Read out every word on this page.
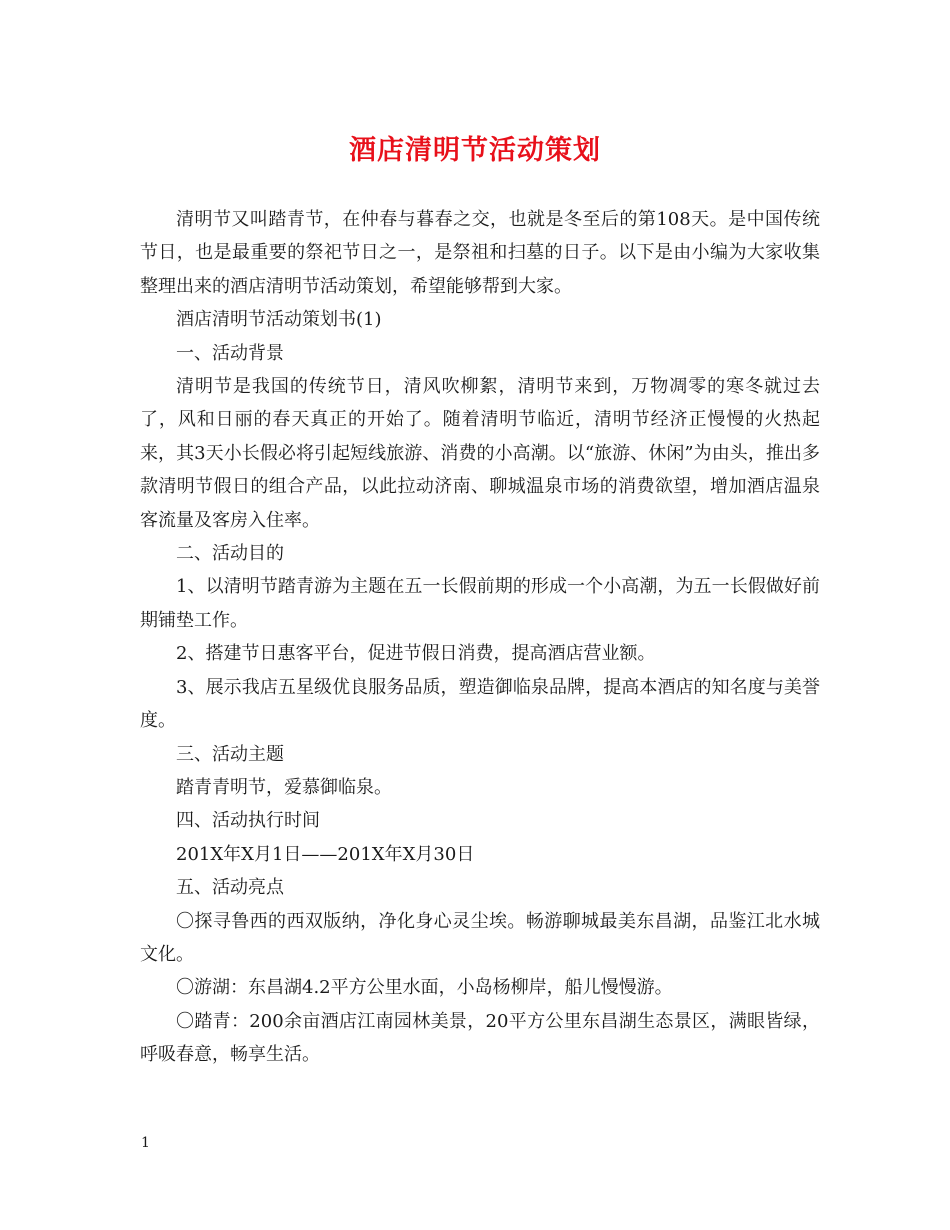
酒店清明节活动策划

清明节又叫踏青节，在仲春与暮春之交，也就是冬至后的第108天。是中国传统节日，也是最重要的祭祀节日之一，是祭祖和扫墓的日子。以下是由小编为大家收集整理出来的酒店清明节活动策划，希望能够帮到大家。

酒店清明节活动策划书(1)

一、活动背景

清明节是我国的传统节日，清风吹柳絮，清明节来到，万物凋零的寒冬就过去了，风和日丽的春天真正的开始了。随着清明节临近，清明节经济正慢慢的火热起来，其3天小长假必将引起短线旅游、消费的小高潮。以“旅游、休闲”为由头，推出多款清明节假日的组合产品，以此拉动济南、聊城温泉市场的消费欲望，增加酒店温泉客流量及客房入住率。

二、活动目的

1、以清明节踏青游为主题在五一长假前期的形成一个小高潮，为五一长假做好前期铺垫工作。

2、搭建节日惠客平台，促进节假日消费，提高酒店营业额。

3、展示我店五星级优良服务品质，塑造御临泉品牌，提高本酒店的知名度与美誉度。

三、活动主题

踏青青明节，爱慕御临泉。

四、活动执行时间

201X年X月1日——201X年X月30日

五、活动亮点

〇探寻鲁西的西双版纳，净化身心灵尘埃。畅游聊城最美东昌湖，品鉴江北水城文化。

〇游湖：东昌湖4.2平方公里水面，小岛杨柳岸，船儿慢慢游。

〇踏青：200余亩酒店江南园林美景，20平方公里东昌湖生态景区，满眼皆绿，呼吸春意，畅享生活。

1
